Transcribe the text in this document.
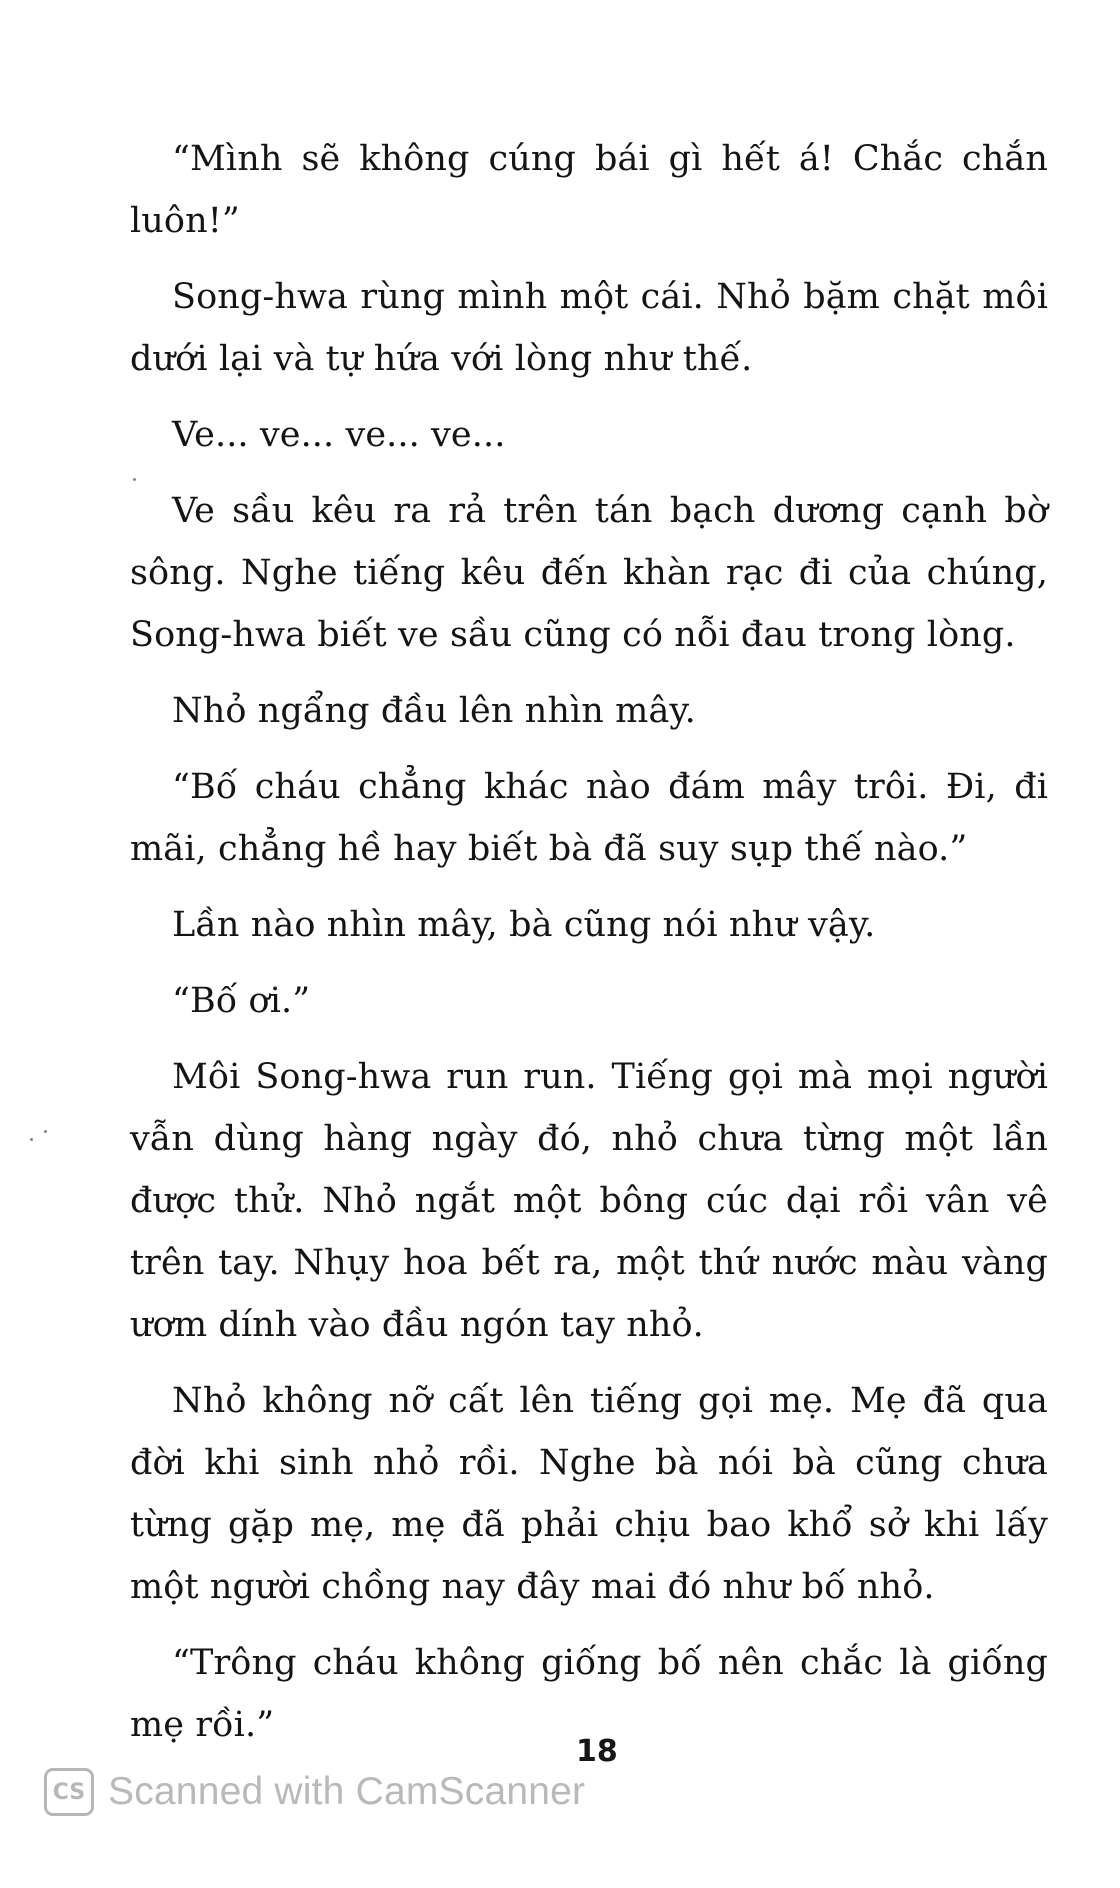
“Mình sẽ không cúng bái gì hết á! Chắc chắn luôn!”

Song-hwa rùng mình một cái. Nhỏ bặm chặt môi dưới lại và tự hứa với lòng như thế.

Ve... ve... ve... ve...

Ve sầu kêu ra rả trên tán bạch dương cạnh bờ sông. Nghe tiếng kêu đến khàn rạc đi của chúng, Song-hwa biết ve sầu cũng có nỗi đau trong lòng.

Nhỏ ngẩng đầu lên nhìn mây.

“Bố cháu chẳng khác nào đám mây trôi. Đi, đi mãi, chẳng hề hay biết bà đã suy sụp thế nào.”

Lần nào nhìn mây, bà cũng nói như vậy.

“Bố ơi.”

Môi Song-hwa run run. Tiếng gọi mà mọi người vẫn dùng hàng ngày đó, nhỏ chưa từng một lần được thử. Nhỏ ngắt một bông cúc dại rồi vân vê trên tay. Nhụy hoa bết ra, một thứ nước màu vàng ươm dính vào đầu ngón tay nhỏ.

Nhỏ không nỡ cất lên tiếng gọi mẹ. Mẹ đã qua đời khi sinh nhỏ rồi. Nghe bà nói bà cũng chưa từng gặp mẹ, mẹ đã phải chịu bao khổ sở khi lấy một người chồng nay đây mai đó như bố nhỏ.

“Trông cháu không giống bố nên chắc là giống mẹ rồi.”

18
CS Scanned with CamScanner
